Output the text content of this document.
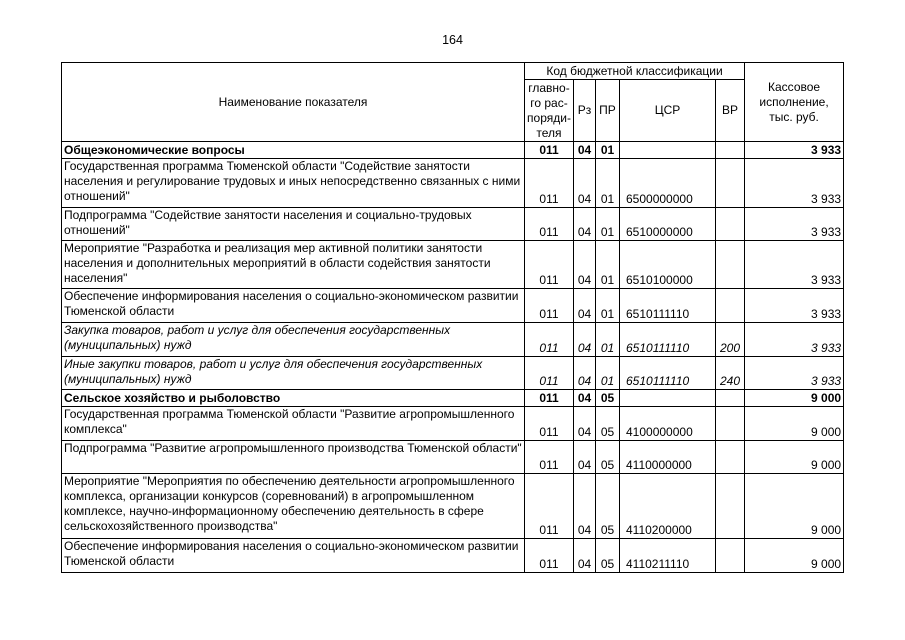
164
Наименование показателя	Код бюджетной классификации					Кассовое исполнение, тыс. руб.
	главно-го рас-поряди-теля	Рз	ПР	ЦСР	ВР	
Общеэкономические вопросы	011	04	01			3 933
Государственная программа Тюменской области "Содействие занятости населения и регулирование трудовых и иных непосредственно связанных с ними отношений"	011	04	01	6500000000		3 933
Подпрограмма "Содействие занятости населения и социально-трудовых отношений"	011	04	01	6510000000		3 933
Мероприятие "Разработка и реализация мер активной политики занятости населения и дополнительных мероприятий в области содействия занятости населения"	011	04	01	6510100000		3 933
Обеспечение информирования населения о социально-экономическом развитии Тюменской области	011	04	01	6510111110		3 933
Закупка товаров, работ и услуг для обеспечения государственных (муниципальных) нужд	011	04	01	6510111110	200	3 933
Иные закупки товаров, работ и услуг для обеспечения государственных (муниципальных) нужд	011	04	01	6510111110	240	3 933
Сельское хозяйство и рыболовство	011	04	05			9 000
Государственная программа Тюменской области "Развитие агропромышленного комплекса"	011	04	05	4100000000		9 000
Подпрограмма "Развитие агропромышленного производства Тюменской области"	011	04	05	4110000000		9 000
Мероприятие "Мероприятия по обеспечению деятельности агропромышленного комплекса, организации конкурсов (соревнований) в агропромышленном комплексе, научно-информационному обеспечению деятельность в сфере сельскохозяйственного производства"	011	04	05	4110200000		9 000
Обеспечение информирования населения о социально-экономическом развитии Тюменской области	011	04	05	4110211110		9 000
